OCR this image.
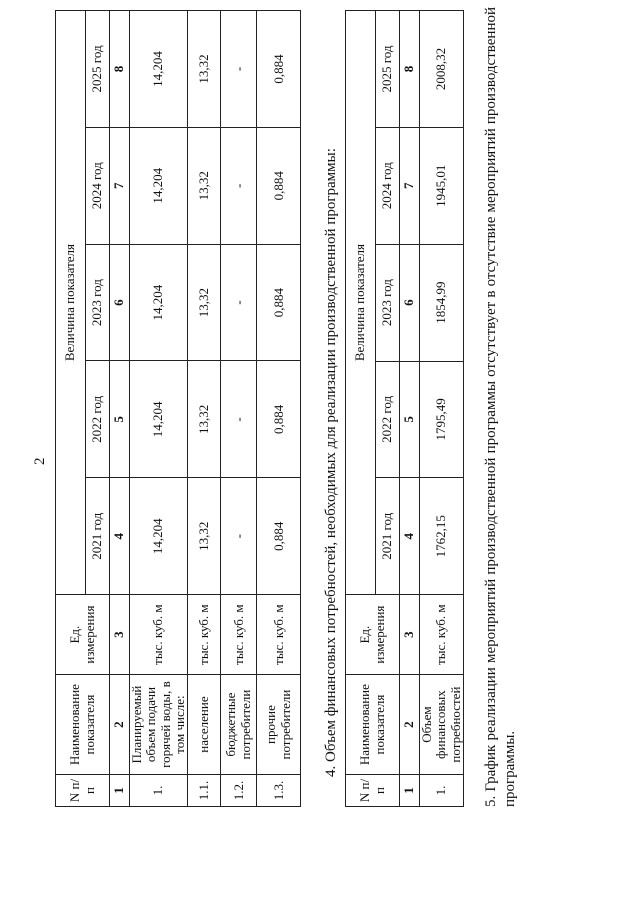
2
N п/п	Наименование показателя	Ед. измерения	Величина показателя				
			2021 год	2022 год	2023 год	2024 год	2025 год
1	2	3	4	5	6	7	8
1.	Планируемый объем подачи горячей воды, в том числе:	тыс. куб. м	14,204	14,204	14,204	14,204	14,204
1.1.	население	тыс. куб. м	13,32	13,32	13,32	13,32	13,32
1.2.	бюджетные потребители	тыс. куб. м	-	-	-	-	-
1.3.	прочие потребители	тыс. куб. м	0,884	0,884	0,884	0,884	0,884
4. Объем финансовых потребностей, необходимых для реализации производственной программы:
N п/п	Наименование показателя	Ед. измерения	Величина показателя				
			2021 год	2022 год	2023 год	2024 год	2025 год
1	2	3	4	5	6	7	8
1.	Объем финансовых потребностей	тыс. куб. м	1762,15	1795,49	1854,99	1945,01	2008,32 5. График реализации мероприятий производственной программы отсутствует в отсутствие мероприятий производственной программы.
